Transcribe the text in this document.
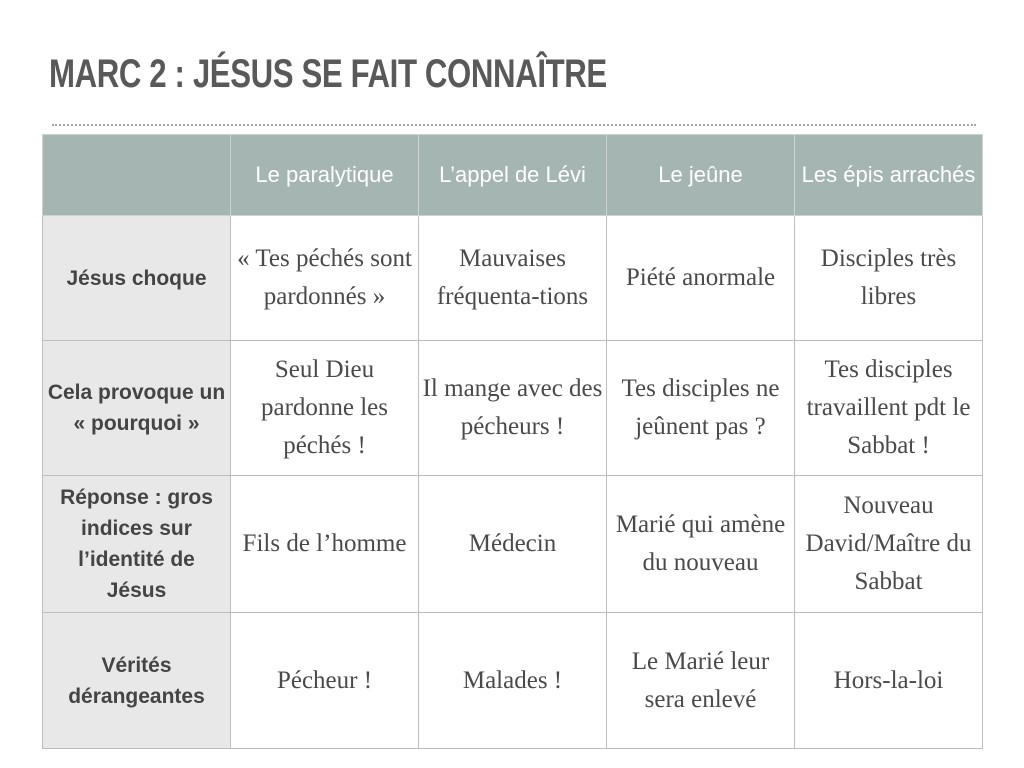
MARC 2 : JÉSUS SE FAIT CONNAÎTRE
	Le paralytique	L’appel de Lévi	Le jeûne	Les épis arrachés
Jésus choque	« Tes péchés sont pardonnés »	Mauvaises fréquenta-tions	Piété anormale	Disciples très libres
Cela provoque un « pourquoi »	Seul Dieu pardonne les péchés !	Il mange avec des pécheurs !	Tes disciples ne jeûnent pas ?	Tes disciples travaillent pdt le Sabbat !
Réponse : gros indices sur l’identité de Jésus	Fils de l’homme	Médecin	Marié qui amène du nouveau	Nouveau David/Maître du Sabbat
Vérités dérangeantes	Pécheur !	Malades !	Le Marié leur sera enlevé	Hors-la-loi
